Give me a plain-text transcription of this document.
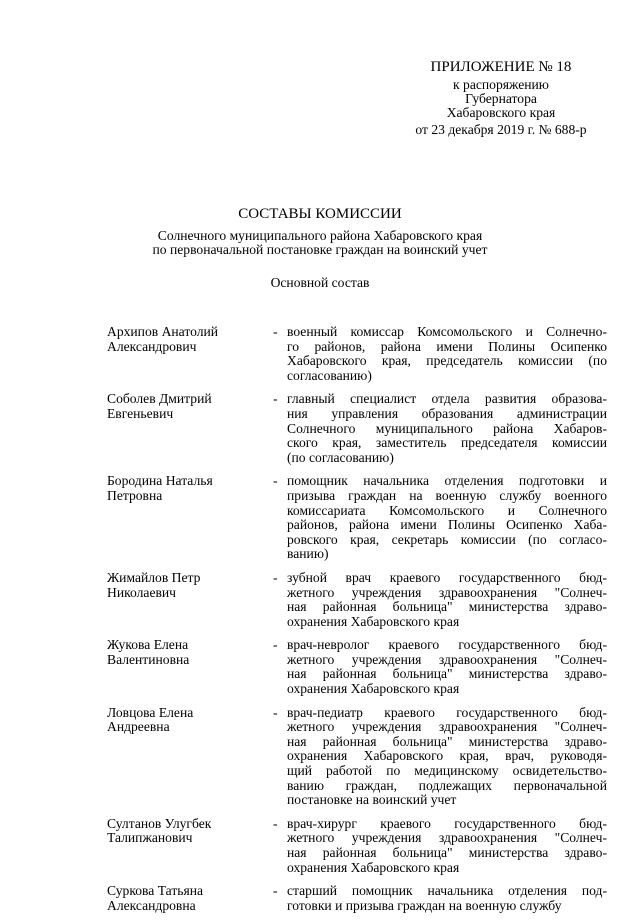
ПРИЛОЖЕНИЕ № 18
к распоряжению
Губернатора
Хабаровского края
от 23 декабря 2019 г. № 688-р
СОСТАВЫ КОМИССИИ
Солнечного муниципального района Хабаровского края
по первоначальной постановке граждан на воинский учет
Основной состав
Архипов Анатолий
Александрович
- военный комиссар Комсомольского и Солнечно-
го районов, района имени Полины Осипенко
Хабаровского края, председатель комиссии (по
согласованию)
Соболев Дмитрий
Евгеньевич
- главный специалист отдела развития образова-
ния управления образования администрации
Солнечного муниципального района Хабаров-
ского края, заместитель председателя комиссии
(по согласованию)
Бородина Наталья
Петровна
- помощник начальника отделения подготовки и
призыва граждан на военную службу военного
комиссариата Комсомольского и Солнечного
районов, района имени Полины Осипенко Хаба-
ровского края, секретарь комиссии (по согласо-
ванию)
Жимайлов Петр
Николаевич
- зубной врач краевого государственного бюд-
жетного учреждения здравоохранения "Солнеч-
ная районная больница" министерства здраво-
охранения Хабаровского края
Жукова Елена
Валентиновна
- врач-невролог краевого государственного бюд-
жетного учреждения здравоохранения "Солнеч-
ная районная больница" министерства здраво-
охранения Хабаровского края
Ловцова Елена
Андреевна
- врач-педиатр краевого государственного бюд-
жетного учреждения здравоохранения "Солнеч-
ная районная больница" министерства здраво-
охранения Хабаровского края, врач, руководя-
щий работой по медицинскому освидетельство-
ванию граждан, подлежащих первоначальной
постановке на воинский учет
Султанов Улугбек
Талипжанович
- врач-хирург краевого государственного бюд-
жетного учреждения здравоохранения "Солнеч-
ная районная больница" министерства здраво-
охранения Хабаровского края
Суркова Татьяна
Александровна
- старший помощник начальника отделения под-
готовки и призыва граждан на военную службу
